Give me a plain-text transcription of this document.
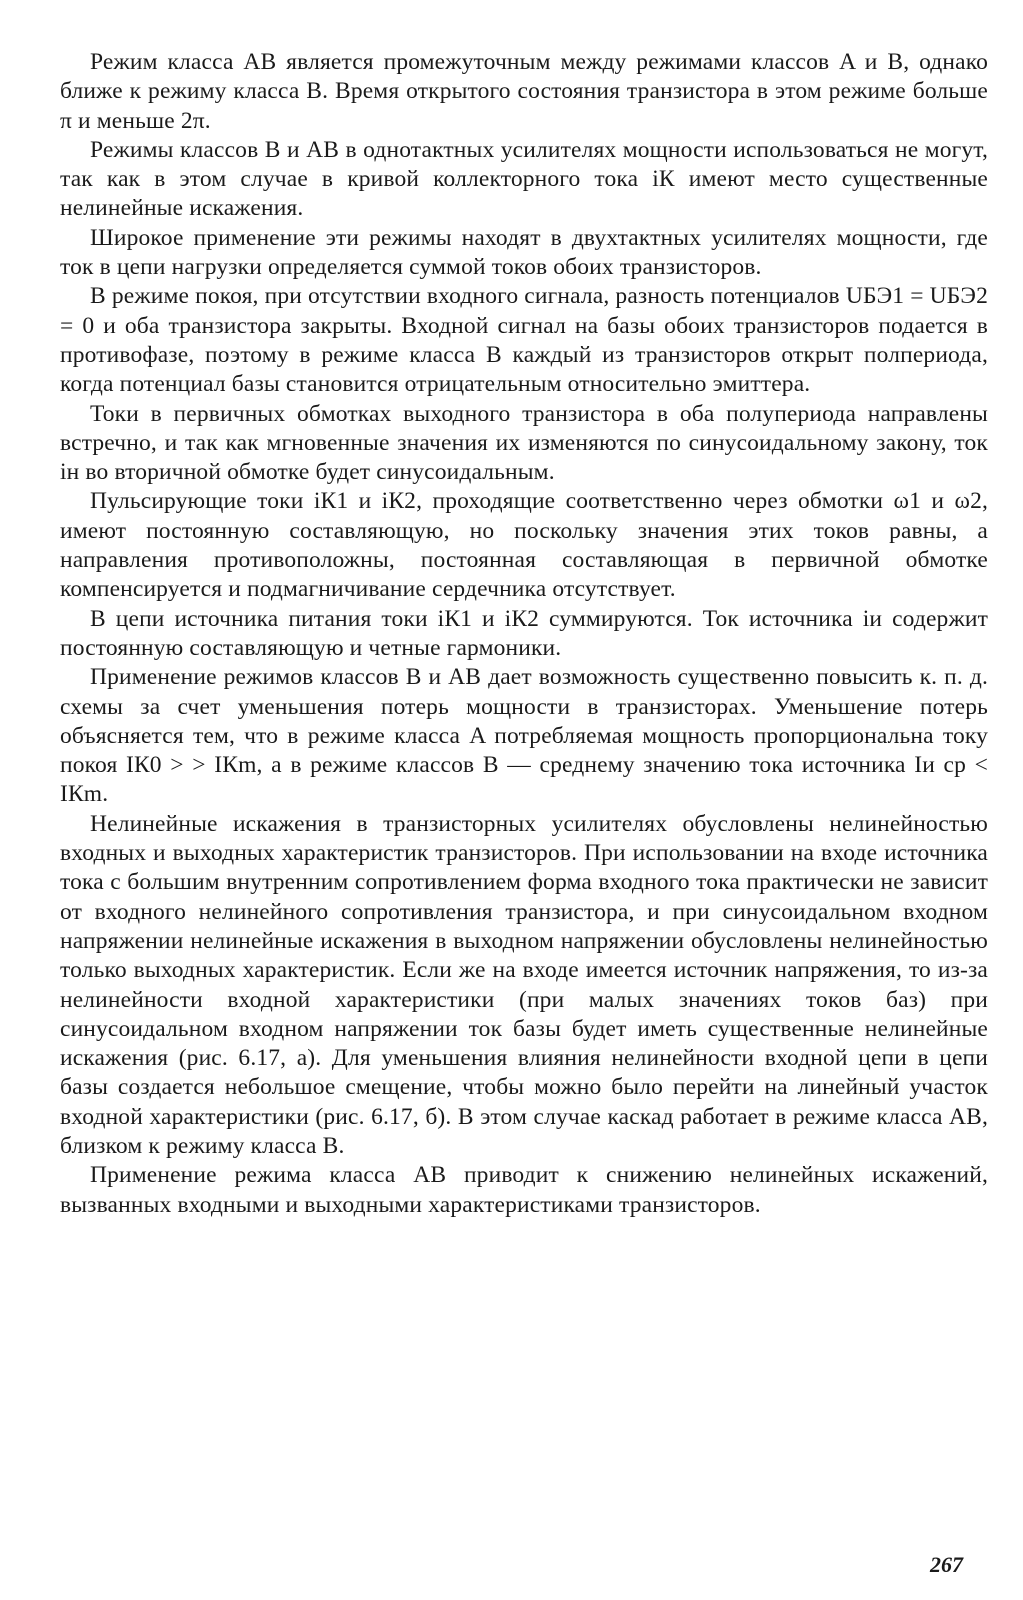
Режим класса AB является промежуточным между режимами классов A и B, однако ближе к режиму класса B. Время открытого состояния транзистора в этом режиме больше π и меньше 2π.

Режимы классов B и AB в однотактных усилителях мощности использоваться не могут, так как в этом случае в кривой коллекторного тока iК имеют место существенные нелинейные искажения.

Широкое применение эти режимы находят в двухтактных усилителях мощности, где ток в цепи нагрузки определяется суммой токов обоих транзисторов.

В режиме покоя, при отсутствии входного сигнала, разность потенциалов UБЭ1 = UБЭ2 = 0 и оба транзистора закрыты. Входной сигнал на базы обоих транзисторов подается в противофазе, поэтому в режиме класса B каждый из транзисторов открыт полпериода, когда потенциал базы становится отрицательным относительно эмиттера.

Токи в первичных обмотках выходного транзистора в оба полупериода направлены встречно, и так как мгновенные значения их изменяются по синусоидальному закону, ток iн во вторичной обмотке будет синусоидальным.

Пульсирующие токи iК1 и iК2, проходящие соответственно через обмотки ω1 и ω2, имеют постоянную составляющую, но поскольку значения этих токов равны, а направления противоположны, постоянная составляющая в первичной обмотке компенсируется и подмагничивание сердечника отсутствует.

В цепи источника питания токи iК1 и iК2 суммируются. Ток источника iи содержит постоянную составляющую и четные гармоники.

Применение режимов классов B и AB дает возможность существенно повысить к. п. д. схемы за счет уменьшения потерь мощности в транзисторах. Уменьшение потерь объясняется тем, что в режиме класса A потребляемая мощность пропорциональна току покоя IК0 > > IКm, а в режиме классов B — среднему значению тока источника Iи ср < IКm.

Нелинейные искажения в транзисторных усилителях обусловлены нелинейностью входных и выходных характеристик транзисторов. При использовании на входе источника тока с большим внутренним сопротивлением форма входного тока практически не зависит от входного нелинейного сопротивления транзистора, и при синусоидальном входном напряжении нелинейные искажения в выходном напряжении обусловлены нелинейностью только выходных характеристик. Если же на входе имеется источник напряжения, то из-за нелинейности входной характеристики (при малых значениях токов баз) при синусоидальном входном напряжении ток базы будет иметь существенные нелинейные искажения (рис. 6.17, а). Для уменьшения влияния нелинейности входной цепи в цепи базы создается небольшое смещение, чтобы можно было перейти на линейный участок входной характеристики (рис. 6.17, б). В этом случае каскад работает в режиме класса AB, близком к режиму класса B.

Применение режима класса AB приводит к снижению нелинейных искажений, вызванных входными и выходными характеристиками транзисторов.

267
